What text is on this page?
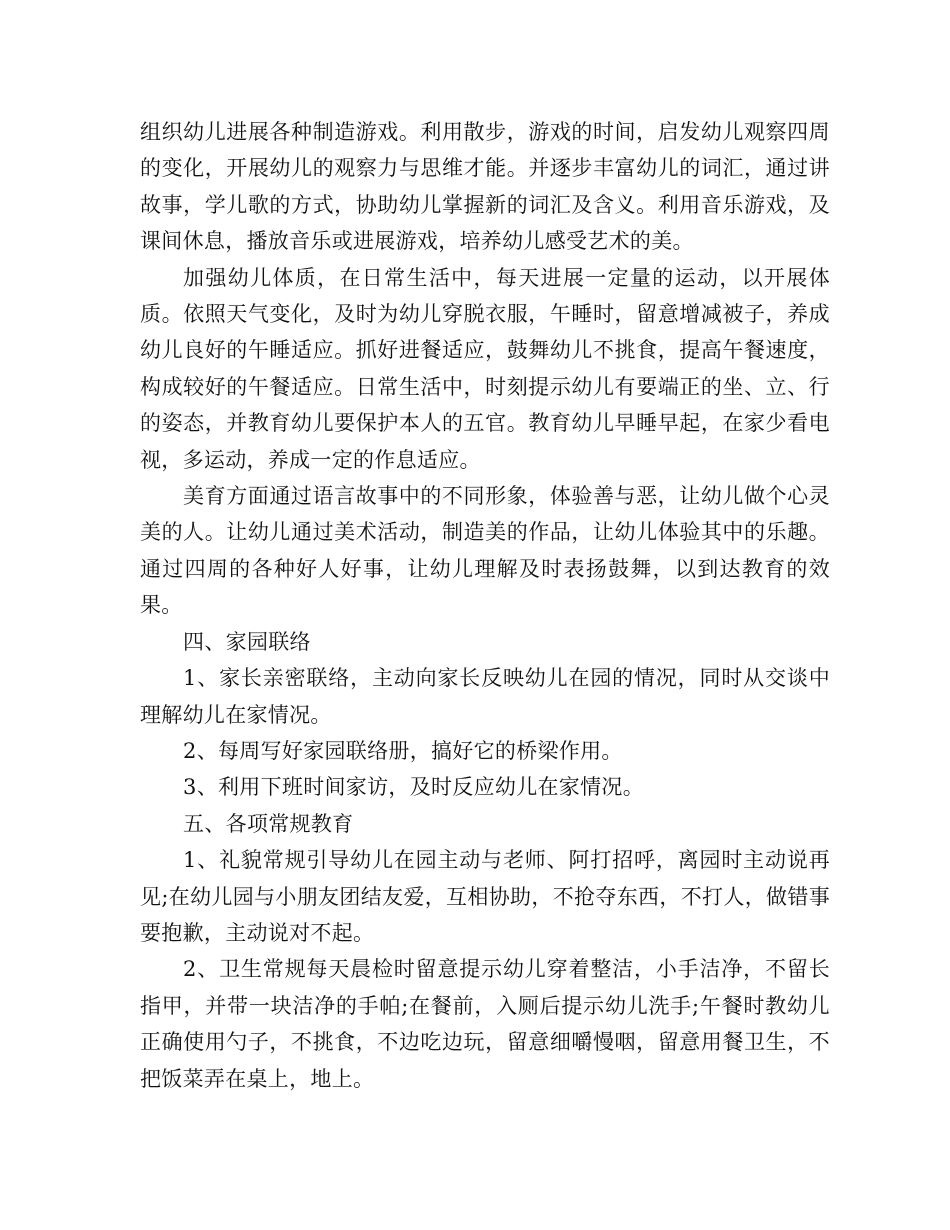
组织幼儿进展各种制造游戏。利用散步，游戏的时间，启发幼儿观察四周的变化，开展幼儿的观察力与思维才能。并逐步丰富幼儿的词汇，通过讲故事，学儿歌的方式，协助幼儿掌握新的词汇及含义。利用音乐游戏，及课间休息，播放音乐或进展游戏，培养幼儿感受艺术的美。

加强幼儿体质，在日常生活中，每天进展一定量的运动，以开展体质。依照天气变化，及时为幼儿穿脱衣服，午睡时，留意增减被子，养成幼儿良好的午睡适应。抓好进餐适应，鼓舞幼儿不挑食，提高午餐速度，构成较好的午餐适应。日常生活中，时刻提示幼儿有要端正的坐、立、行的姿态，并教育幼儿要保护本人的五官。教育幼儿早睡早起，在家少看电视，多运动，养成一定的作息适应。

美育方面通过语言故事中的不同形象，体验善与恶，让幼儿做个心灵美的人。让幼儿通过美术活动，制造美的作品，让幼儿体验其中的乐趣。通过四周的各种好人好事，让幼儿理解及时表扬鼓舞，以到达教育的效果。

四、家园联络

1、家长亲密联络，主动向家长反映幼儿在园的情况，同时从交谈中理解幼儿在家情况。

2、每周写好家园联络册，搞好它的桥梁作用。

3、利用下班时间家访，及时反应幼儿在家情况。

五、各项常规教育

1、礼貌常规引导幼儿在园主动与老师、阿打招呼，离园时主动说再见;在幼儿园与小朋友团结友爱，互相协助，不抢夺东西，不打人，做错事要抱歉，主动说对不起。

2、卫生常规每天晨检时留意提示幼儿穿着整洁，小手洁净，不留长指甲，并带一块洁净的手帕;在餐前，入厕后提示幼儿洗手;午餐时教幼儿正确使用勺子，不挑食，不边吃边玩，留意细嚼慢咽，留意用餐卫生，不把饭菜弄在桌上，地上。
